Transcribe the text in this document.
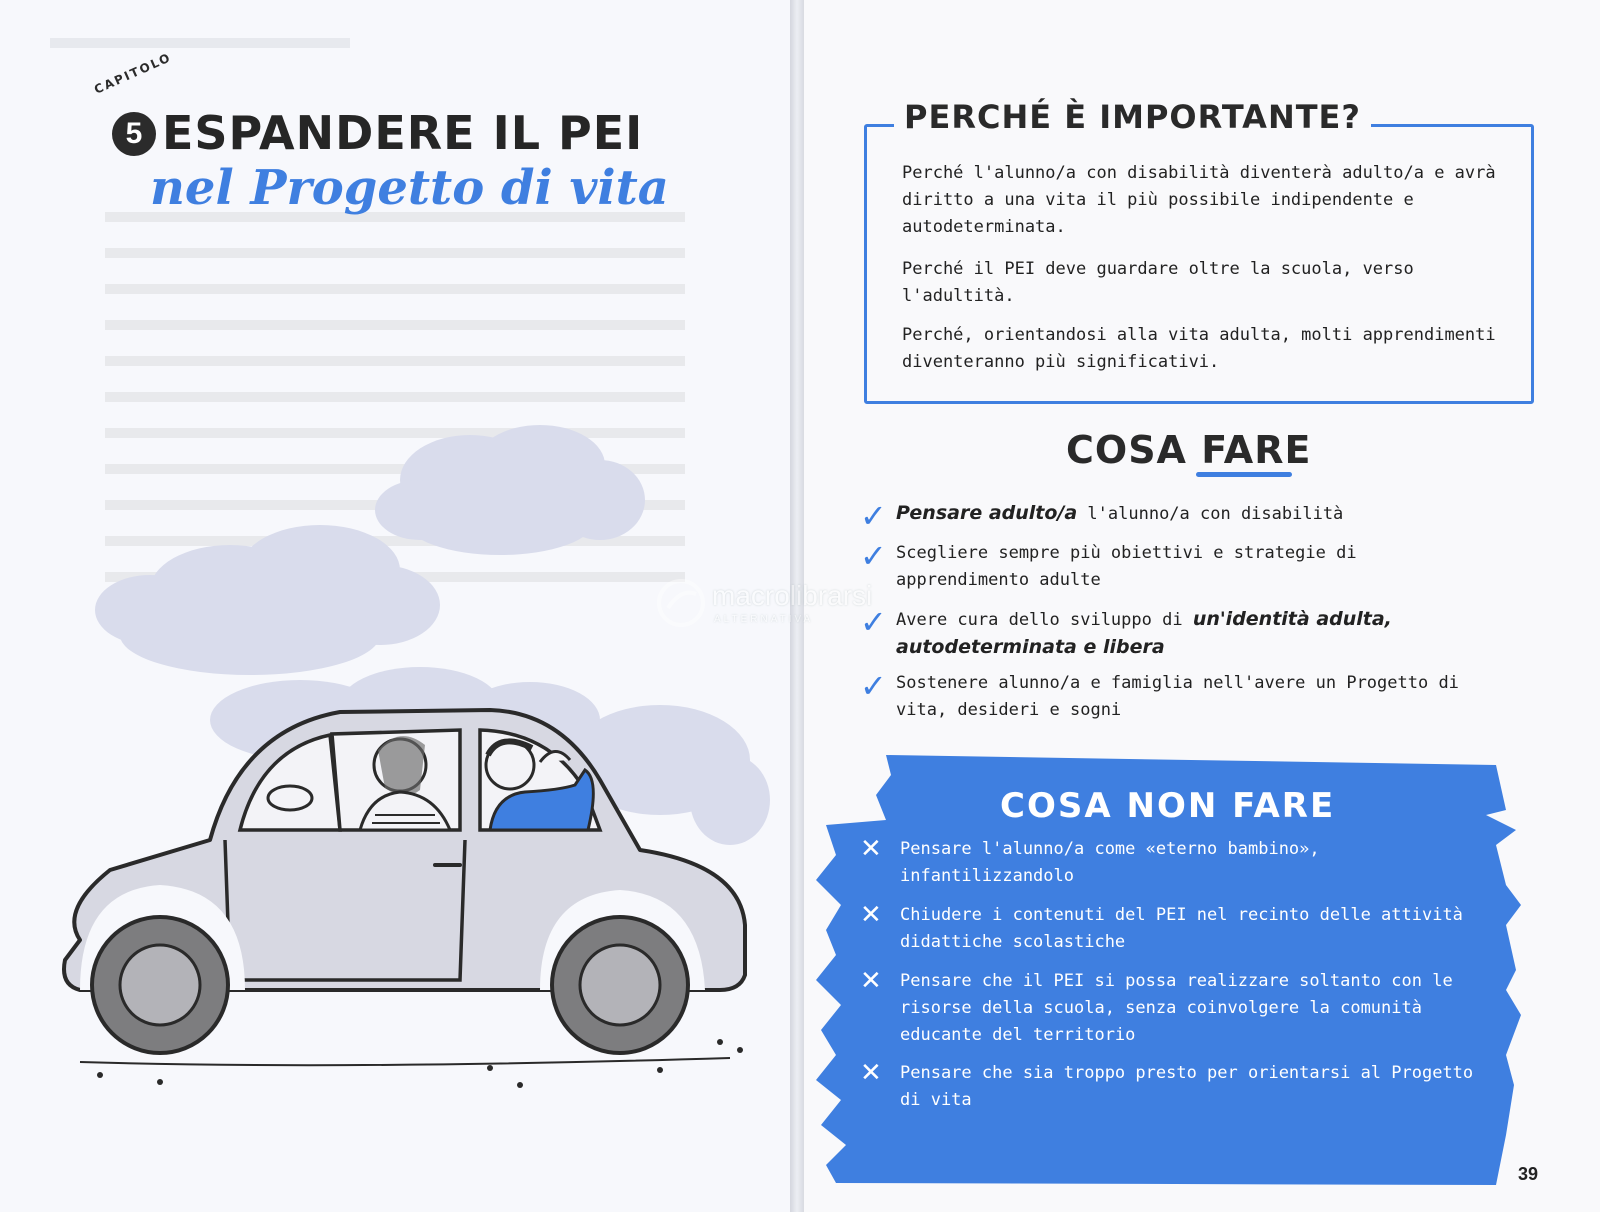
CAPITOLO
5 ESPANDERE IL PEI
nel Progetto di vita
PERCHÉ È IMPORTANTE?
Perché l'alunno/a con disabilità diventerà adulto/a e avrà diritto a una vita il più possibile indipendente e autodeterminata.
Perché il PEI deve guardare oltre la scuola, verso l'adultità.
Perché, orientandosi alla vita adulta, molti apprendimenti diventeranno più significativi.
COSA FARE
✓ Pensare adulto/a l'alunno/a con disabilità
✓ Scegliere sempre più obiettivi e strategie di apprendimento adulte
✓ Avere cura dello sviluppo di un'identità adulta, autodeterminata e libera
✓ Sostenere alunno/a e famiglia nell'avere un Progetto di vita, desideri e sogni
COSA NON FARE
✕ Pensare l'alunno/a come «eterno bambino», infantilizzandolo
✕ Chiudere i contenuti del PEI nel recinto delle attività didattiche scolastiche
✕ Pensare che il PEI si possa realizzare soltanto con le risorse della scuola, senza coinvolgere la comunità educante del territorio
✕ Pensare che sia troppo presto per orientarsi al Progetto di vita
39
macrolibrarsi
ALTERNATIVA
